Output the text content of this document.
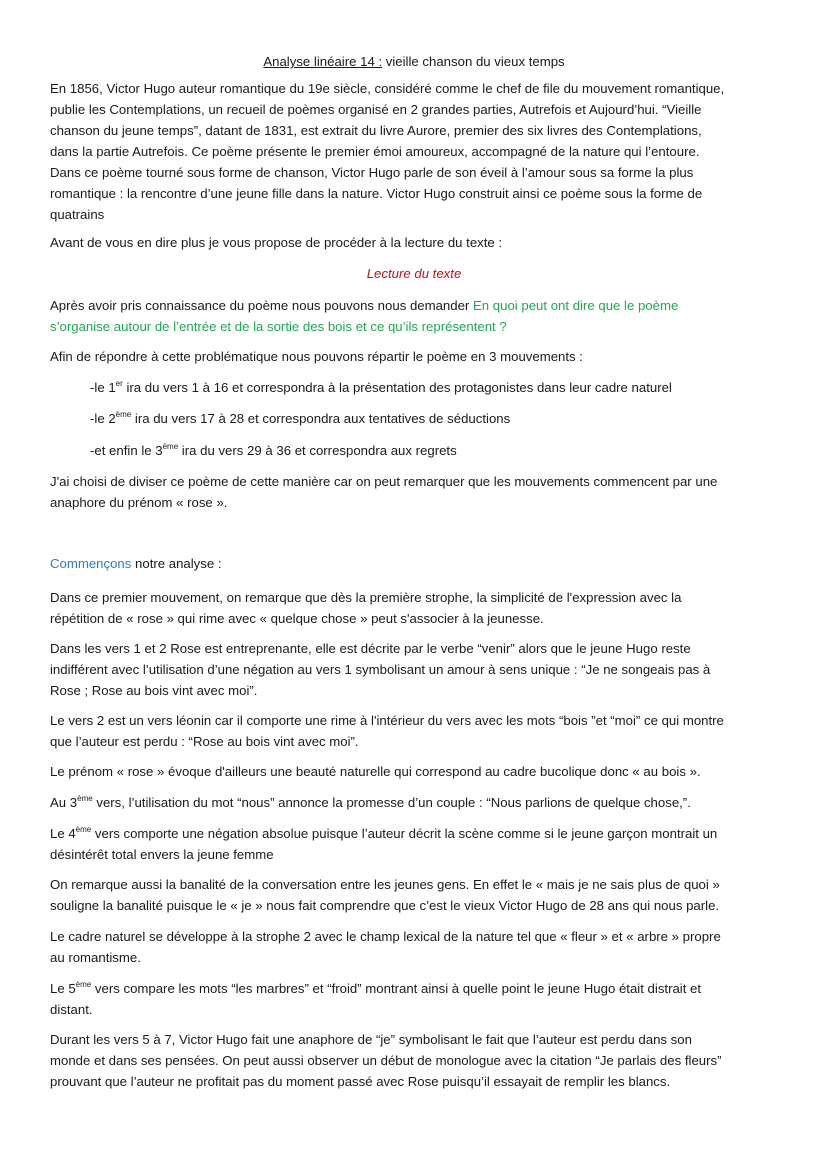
Analyse linéaire 14 : vieille chanson du vieux temps
En 1856, Victor Hugo auteur romantique du 19e siècle, considéré comme le chef de file du mouvement romantique,
publie les Contemplations, un recueil de poèmes organisé en 2 grandes parties, Autrefois et Aujourd’hui. “Vieille
chanson du jeune temps”, datant de 1831, est extrait du livre Aurore, premier des six livres des Contemplations,
dans la partie Autrefois. Ce poème présente le premier émoi amoureux, accompagné de la nature qui l’entoure.
Dans ce poème tourné sous forme de chanson, Victor Hugo parle de son éveil à l’amour sous sa forme la plus
romantique : la rencontre d’une jeune fille dans la nature. Victor Hugo construit ainsi ce poème sous la forme de
quatrains
Avant de vous en dire plus je vous propose de procéder à la lecture du texte :
Lecture du texte
Après avoir pris connaissance du poème nous pouvons nous demander En quoi peut ont dire que le poème
s’organise autour de l’entrée et de la sortie des bois et ce qu’ils représentent ?
Afin de répondre à cette problématique nous pouvons répartir le poème en 3 mouvements :
-le 1er ira du vers 1 à 16 et correspondra à la présentation des protagonistes dans leur cadre naturel
-le 2ème ira du vers 17 à 28 et correspondra aux tentatives de séductions
-et enfin le 3ème ira du vers 29 à 36 et correspondra aux regrets
J'ai choisi de diviser ce poème de cette manière car on peut remarquer que les mouvements commencent par une
anaphore du prénom « rose ».
Commençons notre analyse :
Dans ce premier mouvement, on remarque que dès la première strophe, la simplicité de l'expression avec la
répétition de « rose » qui rime avec « quelque chose » peut s'associer à la jeunesse.
Dans les vers 1 et 2 Rose est entreprenante, elle est décrite par le verbe “venir” alors que le jeune Hugo reste
indifférent avec l’utilisation d’une négation au vers 1 symbolisant un amour à sens unique : “Je ne songeais pas à
Rose ; Rose au bois vint avec moi”.
Le vers 2 est un vers léonin car il comporte une rime à l'intérieur du vers avec les mots “bois ”et “moi” ce qui montre
que l’auteur est perdu : “Rose au bois vint avec moi”.
Le prénom « rose » évoque d'ailleurs une beauté naturelle qui correspond au cadre bucolique donc « au bois ».
Au 3ème vers, l’utilisation du mot “nous” annonce la promesse d’un couple : “Nous parlions de quelque chose,”.
Le 4ème vers comporte une négation absolue puisque l’auteur décrit la scène comme si le jeune garçon montrait un
désintérêt total envers la jeune femme
On remarque aussi la banalité de la conversation entre les jeunes gens. En effet le « mais je ne sais plus de quoi »
souligne la banalité puisque le « je » nous fait comprendre que c’est le vieux Victor Hugo de 28 ans qui nous parle.
Le cadre naturel se développe à la strophe 2 avec le champ lexical de la nature tel que « fleur » et « arbre » propre
au romantisme.
Le 5ème vers compare les mots “les marbres” et “froid” montrant ainsi à quelle point le jeune Hugo était distrait et
distant.
Durant les vers 5 à 7, Victor Hugo fait une anaphore de “je” symbolisant le fait que l’auteur est perdu dans son
monde et dans ses pensées. On peut aussi observer un début de monologue avec la citation “Je parlais des fleurs”
prouvant que l’auteur ne profitait pas du moment passé avec Rose puisqu’il essayait de remplir les blancs.
